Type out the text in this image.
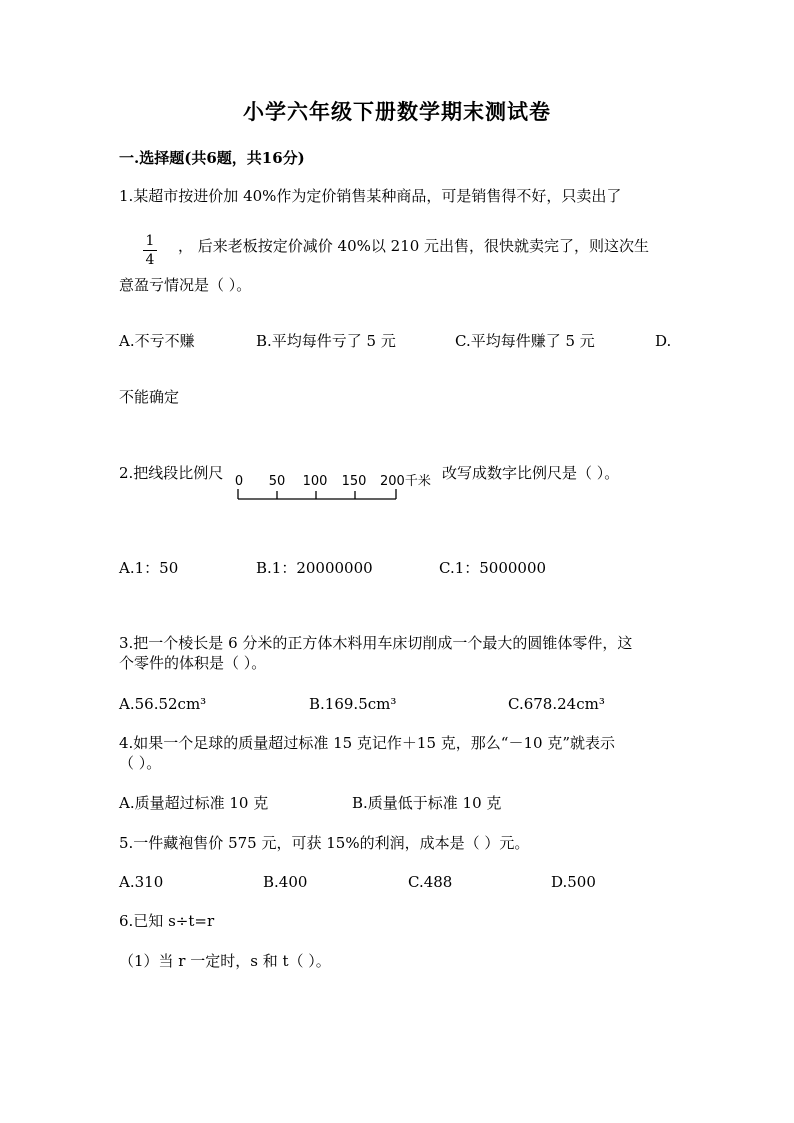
小学六年级下册数学期末测试卷
一.选择题(共6题，共16分)
1.某超市按进价加 40%作为定价销售某种商品，可是销售得不好，只卖出了
$\frac{1}{4}$ ， 后来老板按定价减价 40%以 210 元出售，很快就卖完了，则这次生
意盈亏情况是（ ）。
A.不亏不赚	B.平均每件亏了 5 元	C.平均每件赚了 5 元	D.
不能确定
2.把线段比例尺 0 50 100 150 200千米 改写成数字比例尺是（ ）。
A.1：50	B.1：20000000	C.1：5000000
3.把一个棱长是 6 分米的正方体木料用车床切削成一个最大的圆锥体零件，这
个零件的体积是（ ）。
A.56.52cm³	B.169.5cm³	C.678.24cm³
4.如果一个足球的质量超过标准 15 克记作＋15 克，那么“－10 克”就表示
（ ）。
A.质量超过标准 10 克	B.质量低于标准 10 克
5.一件藏袍售价 575 元，可获 15%的利润，成本是（ ）元。
A.310	B.400	C.488	D.500
6.已知 s÷t=r
（1）当 r 一定时，s 和 t（ ）。
